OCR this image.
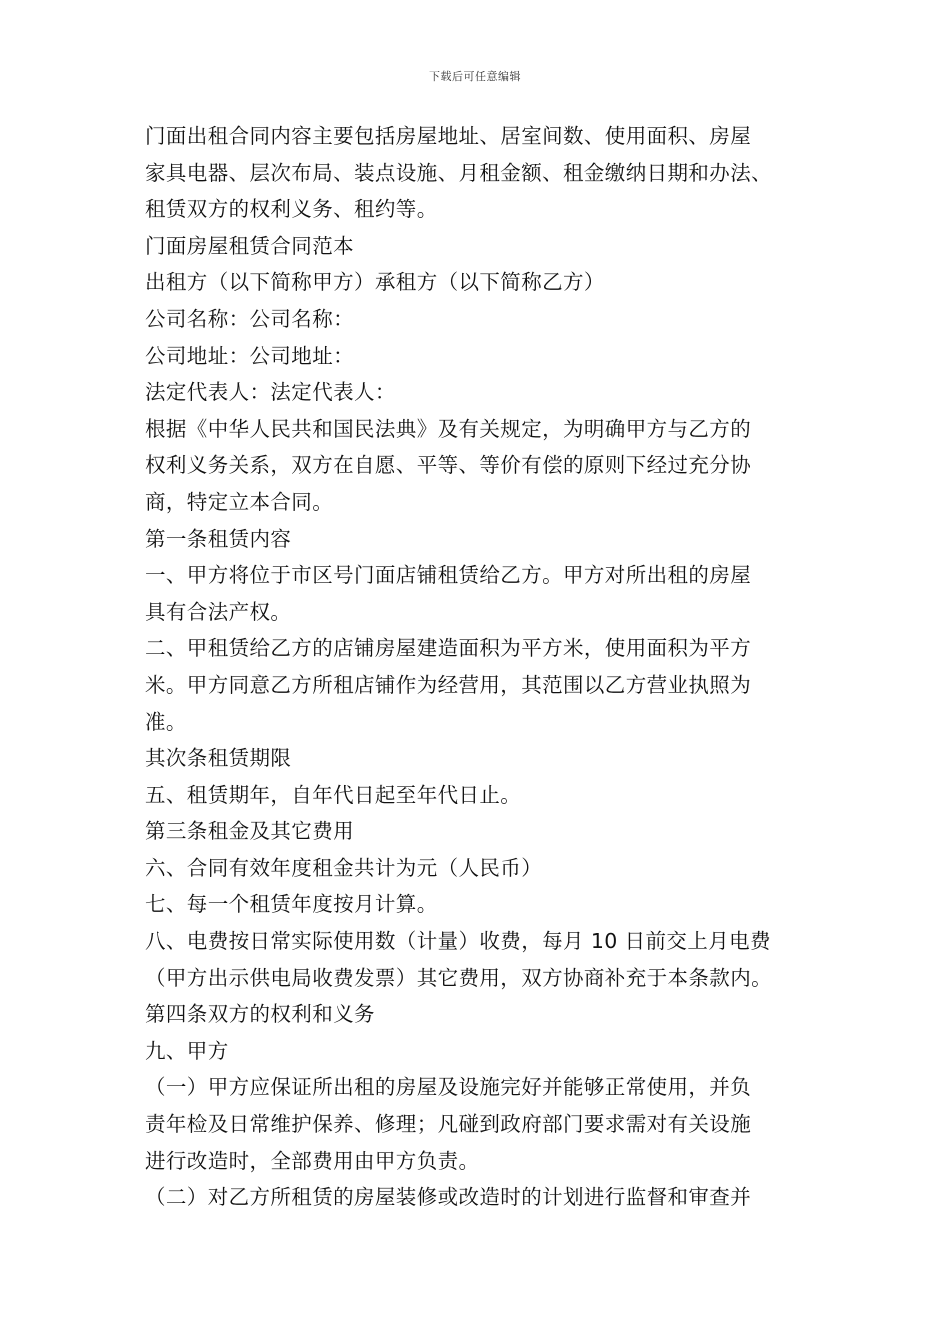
下载后可任意编辑
门面出租合同内容主要包括房屋地址、居室间数、使用面积、房屋
家具电器、层次布局、装点设施、月租金额、租金缴纳日期和办法、
租赁双方的权利义务、租约等。
门面房屋租赁合同范本
出租方（以下简称甲方）承租方（以下简称乙方）
公司名称：公司名称：
公司地址：公司地址：
法定代表人：法定代表人：
根据《中华人民共和国民法典》及有关规定，为明确甲方与乙方的
权利义务关系，双方在自愿、平等、等价有偿的原则下经过充分协
商，特定立本合同。
第一条租赁内容
一、甲方将位于市区号门面店铺租赁给乙方。甲方对所出租的房屋
具有合法产权。
二、甲租赁给乙方的店铺房屋建造面积为平方米，使用面积为平方
米。甲方同意乙方所租店铺作为经营用，其范围以乙方营业执照为
准。
其次条租赁期限
五、租赁期年，自年代日起至年代日止。
第三条租金及其它费用
六、合同有效年度租金共计为元（人民币）
七、每一个租赁年度按月计算。
八、电费按日常实际使用数（计量）收费，每月 10 日前交上月电费
（甲方出示供电局收费发票）其它费用，双方协商补充于本条款内。
第四条双方的权利和义务
九、甲方
（一）甲方应保证所出租的房屋及设施完好并能够正常使用，并负
责年检及日常维护保养、修理；凡碰到政府部门要求需对有关设施
进行改造时，全部费用由甲方负责。
（二）对乙方所租赁的房屋装修或改造时的计划进行监督和审查并
